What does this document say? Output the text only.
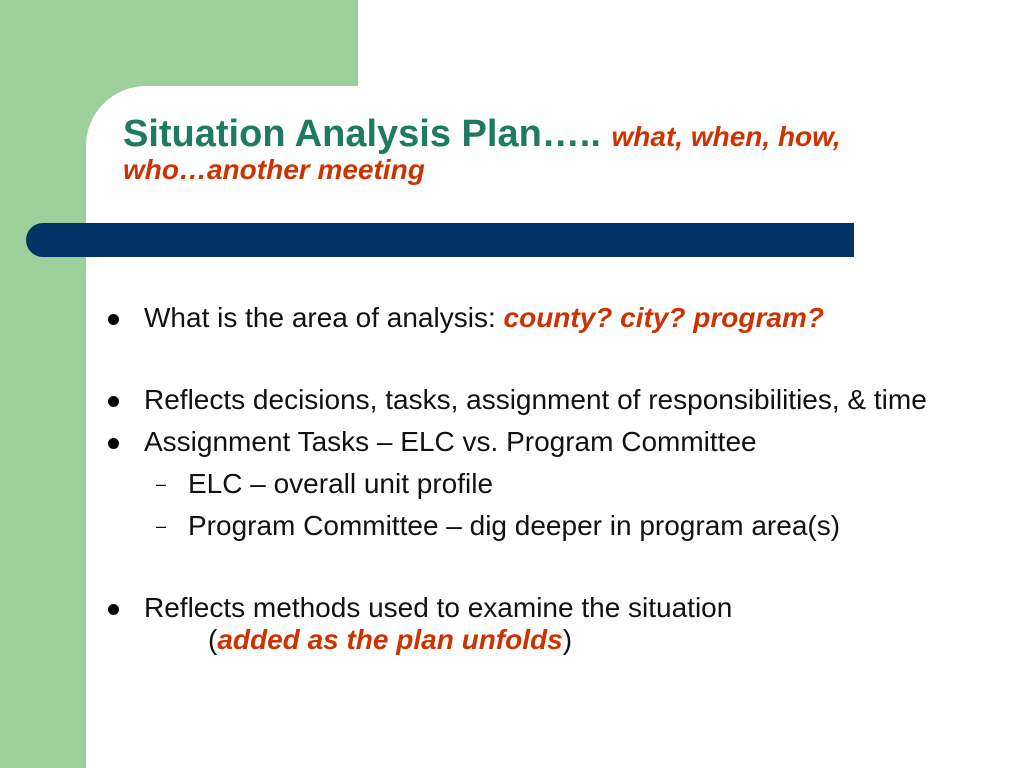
Situation Analysis Plan….. what, when, how, who…another meeting
What is the area of analysis: county? city? program?
Reflects decisions, tasks, assignment of responsibilities, & time
Assignment Tasks – ELC vs. Program Committee
– ELC – overall unit profile
– Program Committee – dig deeper in program area(s)
Reflects methods used to examine the situation
(added as the plan unfolds)
